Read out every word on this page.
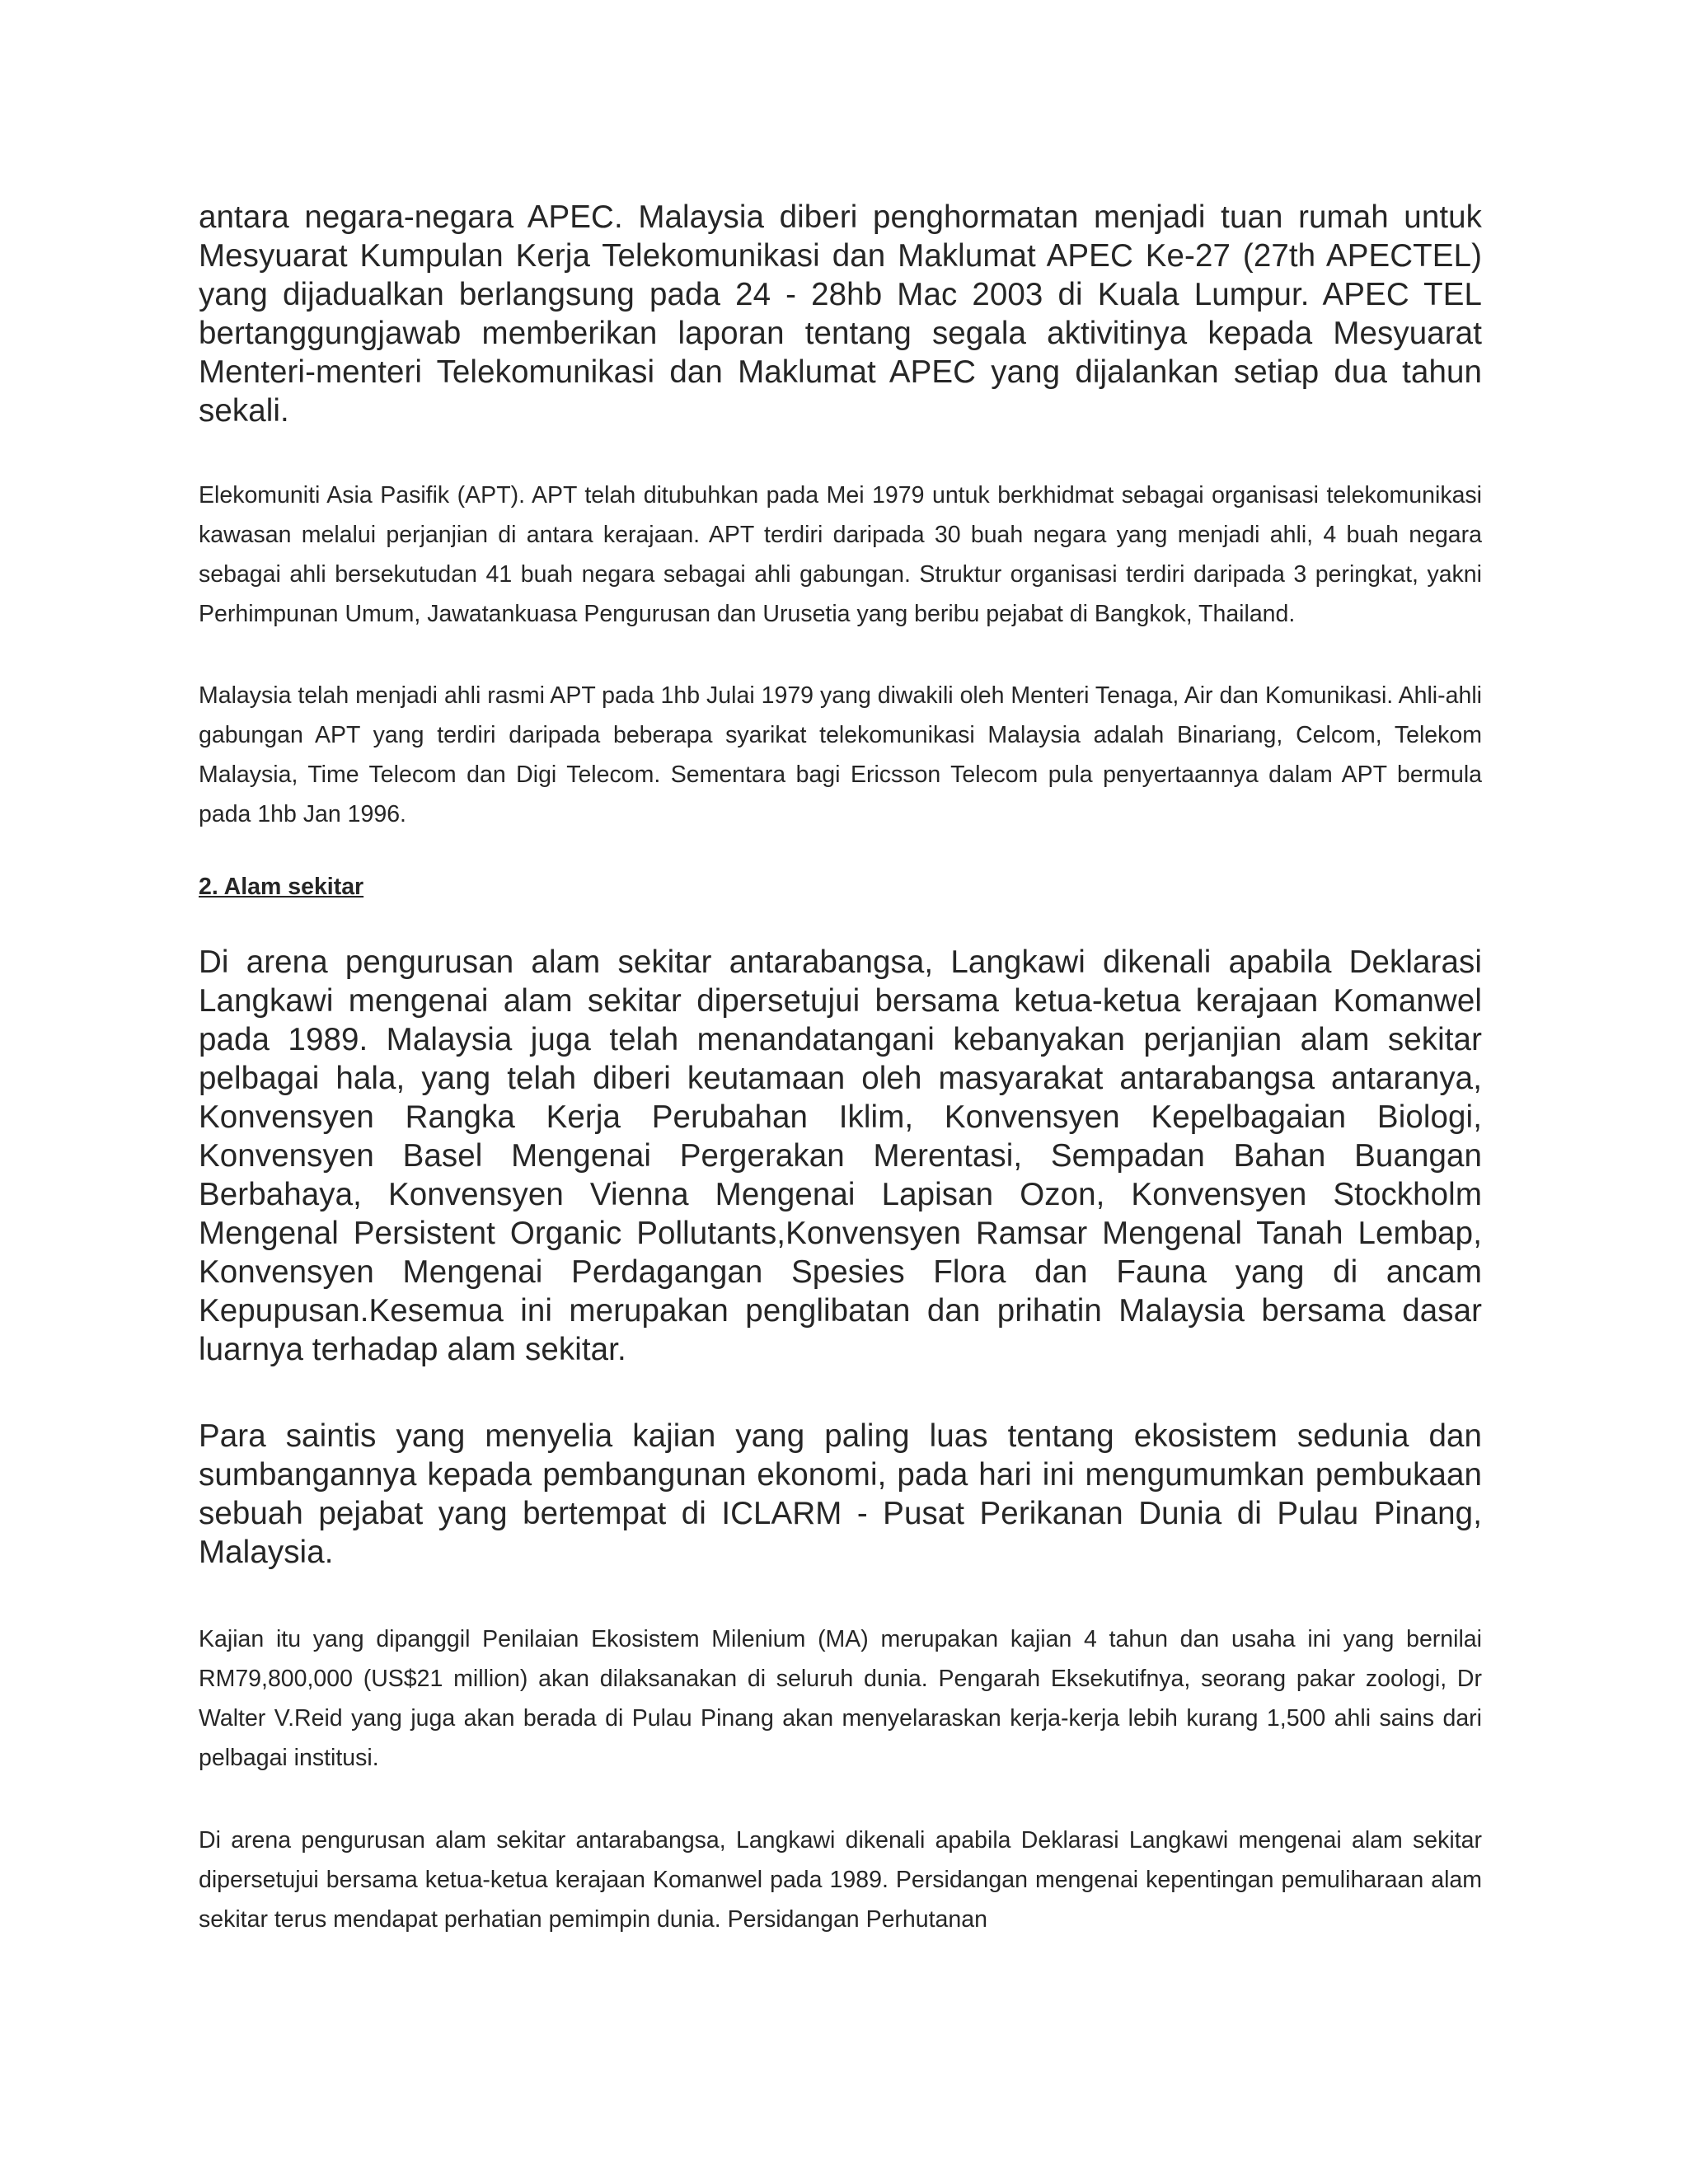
antara negara-negara APEC. Malaysia diberi penghormatan menjadi tuan rumah untuk Mesyuarat Kumpulan Kerja Telekomunikasi dan Maklumat APEC Ke-27 (27th APECTEL) yang dijadualkan berlangsung pada 24 - 28hb Mac 2003 di Kuala Lumpur. APEC TEL bertanggungjawab memberikan laporan tentang segala aktivitinya kepada Mesyuarat Menteri-menteri Telekomunikasi dan Maklumat APEC yang dijalankan setiap dua tahun sekali.

Elekomuniti Asia Pasifik (APT). APT telah ditubuhkan pada Mei 1979 untuk berkhidmat sebagai organisasi telekomunikasi kawasan melalui perjanjian di antara kerajaan. APT terdiri daripada 30 buah negara yang menjadi ahli, 4 buah negara sebagai ahli bersekutudan 41 buah negara sebagai ahli gabungan. Struktur organisasi terdiri daripada 3 peringkat, yakni Perhimpunan Umum, Jawatankuasa Pengurusan dan Urusetia yang beribu pejabat di Bangkok, Thailand.

Malaysia telah menjadi ahli rasmi APT pada 1hb Julai 1979 yang diwakili oleh Menteri Tenaga, Air dan Komunikasi. Ahli-ahli gabungan APT yang terdiri daripada beberapa syarikat telekomunikasi Malaysia adalah Binariang, Celcom, Telekom Malaysia, Time Telecom dan Digi Telecom. Sementara bagi Ericsson Telecom pula penyertaannya dalam APT bermula pada 1hb Jan 1996.

2. Alam sekitar

Di arena pengurusan alam sekitar antarabangsa, Langkawi dikenali apabila Deklarasi Langkawi mengenai alam sekitar dipersetujui bersama ketua-ketua kerajaan Komanwel pada 1989. Malaysia juga telah menandatangani kebanyakan perjanjian alam sekitar pelbagai hala, yang telah diberi keutamaan oleh masyarakat antarabangsa antaranya, Konvensyen Rangka Kerja Perubahan Iklim, Konvensyen Kepelbagaian Biologi, Konvensyen Basel Mengenai Pergerakan Merentasi, Sempadan Bahan Buangan Berbahaya, Konvensyen Vienna Mengenai Lapisan Ozon, Konvensyen Stockholm Mengenal Persistent Organic Pollutants,Konvensyen Ramsar Mengenal Tanah Lembap, Konvensyen Mengenai Perdagangan Spesies Flora dan Fauna yang di ancam Kepupusan.Kesemua ini merupakan penglibatan dan prihatin Malaysia bersama dasar luarnya terhadap alam sekitar.

Para saintis yang menyelia kajian yang paling luas tentang ekosistem sedunia dan sumbangannya kepada pembangunan ekonomi, pada hari ini mengumumkan pembukaan sebuah pejabat yang bertempat di ICLARM - Pusat Perikanan Dunia di Pulau Pinang, Malaysia.

Kajian itu yang dipanggil Penilaian Ekosistem Milenium (MA) merupakan kajian 4 tahun dan usaha ini yang bernilai RM79,800,000 (US$21 million) akan dilaksanakan di seluruh dunia. Pengarah Eksekutifnya, seorang pakar zoologi, Dr Walter V.Reid yang juga akan berada di Pulau Pinang akan menyelaraskan kerja-kerja lebih kurang 1,500 ahli sains dari pelbagai institusi.

Di arena pengurusan alam sekitar antarabangsa, Langkawi dikenali apabila Deklarasi Langkawi mengenai alam sekitar dipersetujui bersama ketua-ketua kerajaan Komanwel pada 1989. Persidangan mengenai kepentingan pemuliharaan alam sekitar terus mendapat perhatian pemimpin dunia. Persidangan Perhutanan
